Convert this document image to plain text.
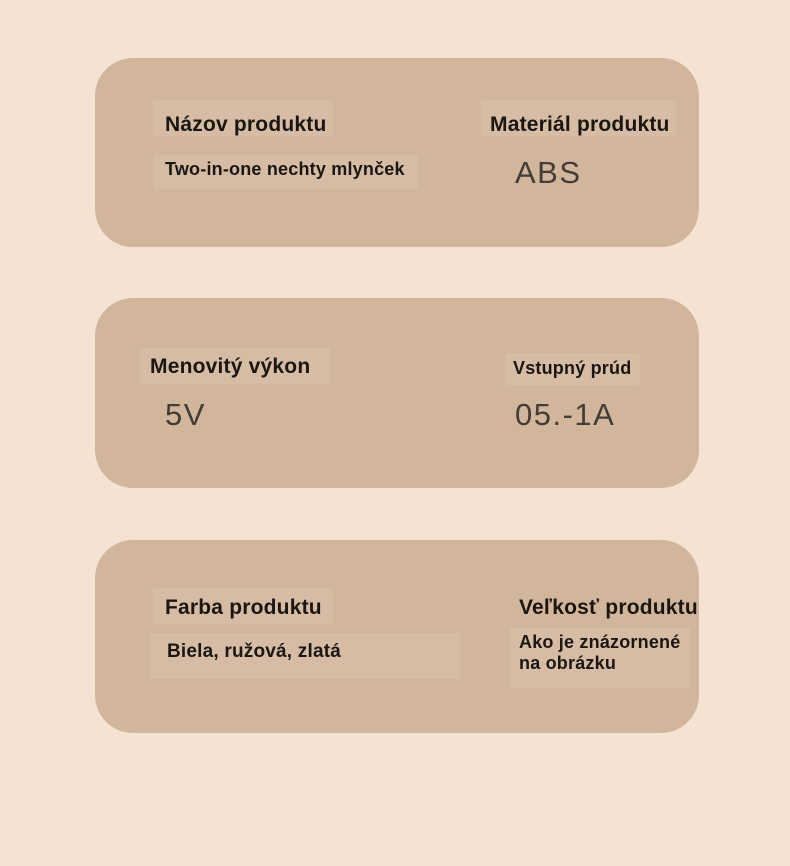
Názov produktu
Two-in-one nechty mlynček
Materiál produktu
ABS
Menovitý výkon
5V
Vstupný prúd
05.-1A
Farba produktu
Biela, ružová, zlatá
Veľkosť produktu
Ako je znázornené na obrázku
